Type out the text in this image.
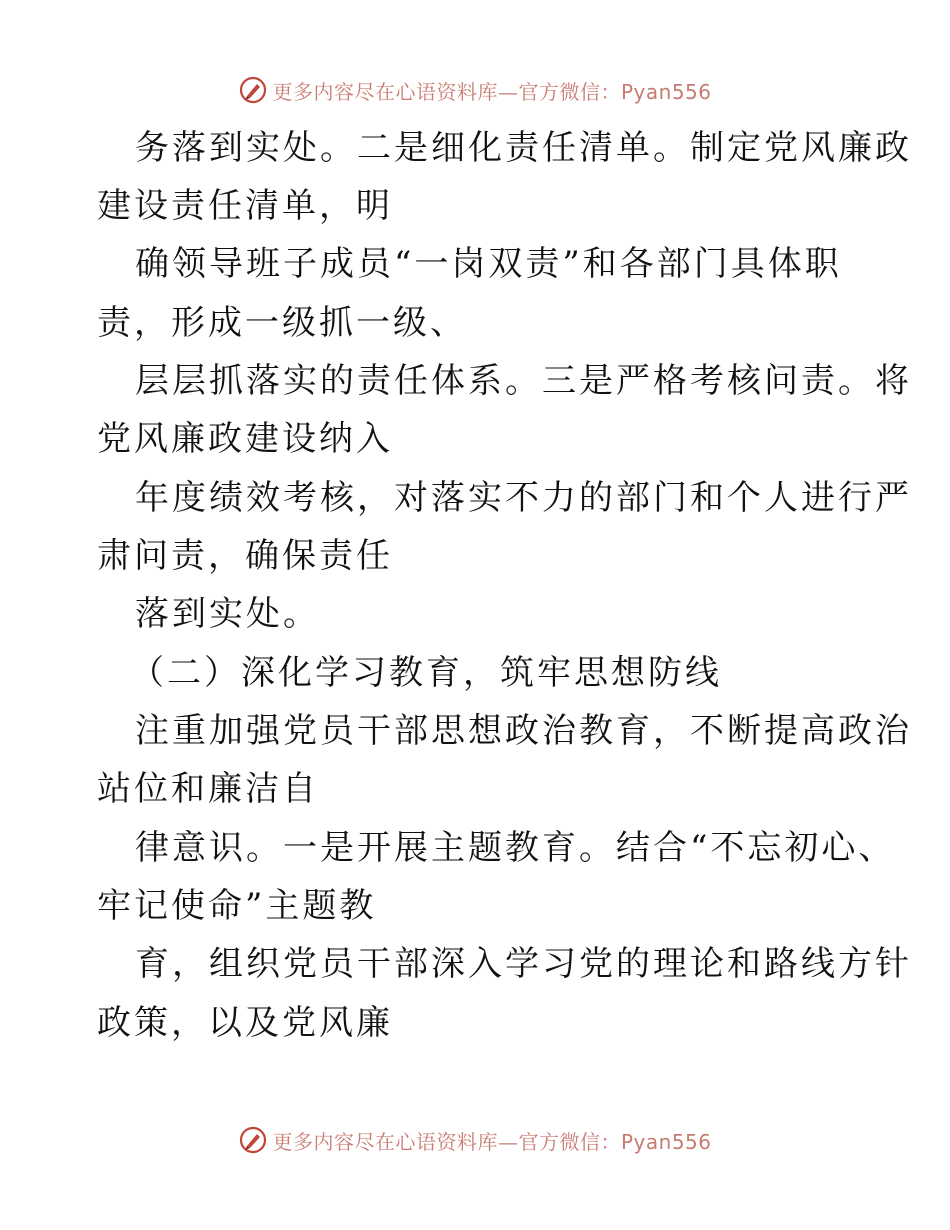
更多内容尽在心语资料库—官方微信：Pyan556
务落到实处。二是细化责任清单。制定党风廉政
建设责任清单，明
确领导班子成员“一岗双责”和各部门具体职
责，形成一级抓一级、
层层抓落实的责任体系。三是严格考核问责。将
党风廉政建设纳入
年度绩效考核，对落实不力的部门和个人进行严
肃问责，确保责任
落到实处。
（二）深化学习教育，筑牢思想防线
注重加强党员干部思想政治教育，不断提高政治
站位和廉洁自
律意识。一是开展主题教育。结合“不忘初心、
牢记使命”主题教
育，组织党员干部深入学习党的理论和路线方针
政策，以及党风廉
更多内容尽在心语资料库—官方微信：Pyan556
